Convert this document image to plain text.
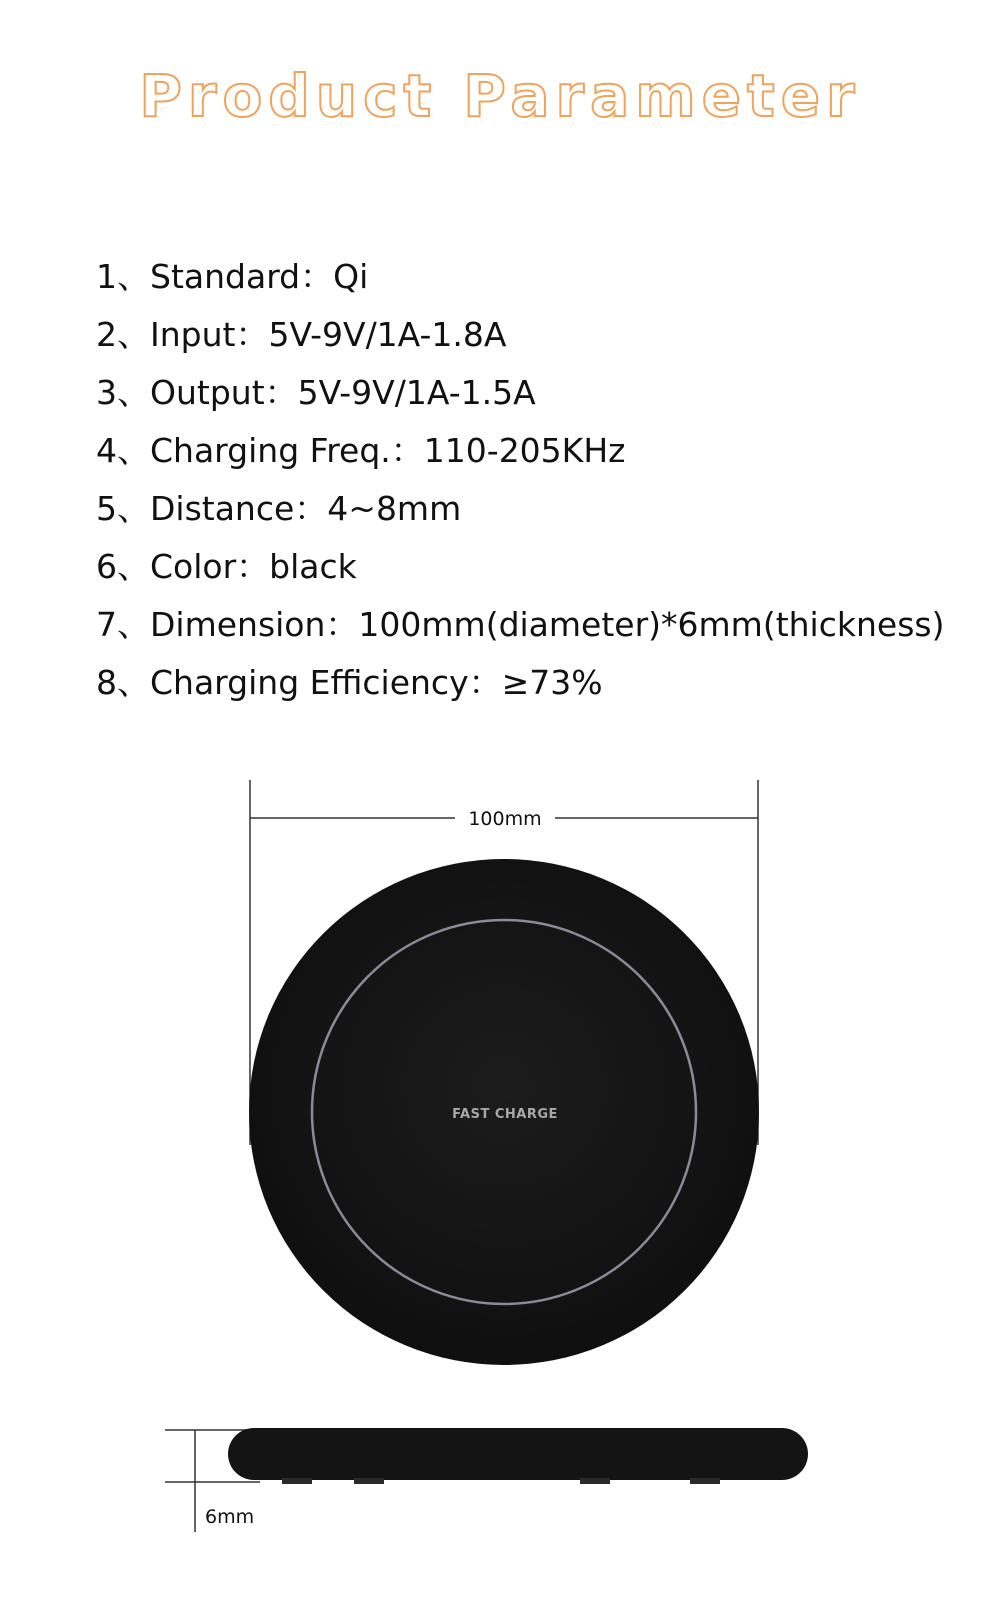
Product Parameter
1、Standard：Qi
2、Input：5V-9V/1A-1.8A
3、Output：5V-9V/1A-1.5A
4、Charging Freq.：110-205KHz
5、Distance：4~8mm
6、Color：black
7、Dimension：100mm(diameter)*6mm(thickness)
8、Charging Efficiency：≥73%
100mm
FAST CHARGE
6mm
